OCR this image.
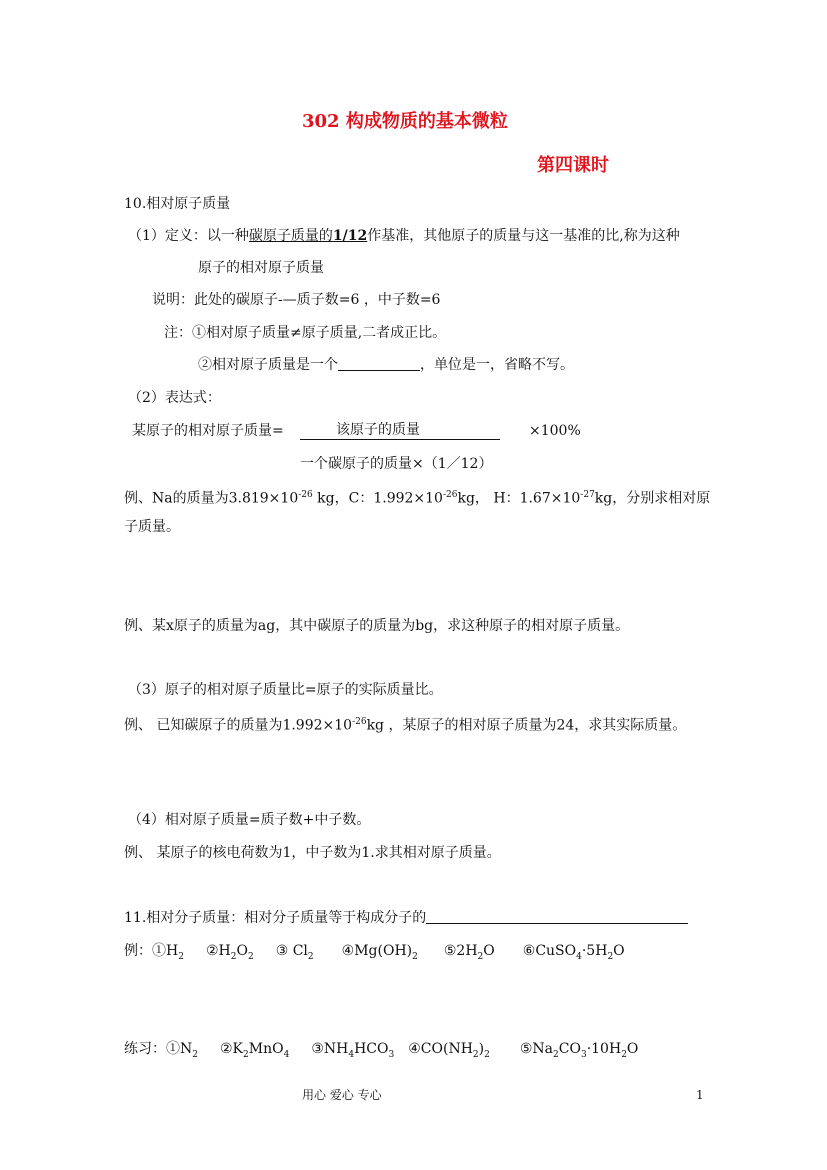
302 构成物质的基本微粒
第四课时
10.相对原子质量
（1）定义：以一种碳原子质量的1/12作基准，其他原子的质量与这一基准的比,称为这种
原子的相对原子质量
说明：此处的碳原子-—质子数=6 ，中子数=6
注：①相对原子质量≠原子质量,二者成正比。
②相对原子质量是一个	，单位是一，省略不写。
（2）表达式：
某原子的相对原子质量=	该原子的质量	×100%
一个碳原子的质量×（1／12）
例、Na的质量为$3.819\times 10^{-26}$ kg，C：$1.992\times 10^{-26}kg$， H：$1.67\times 10^{-27}kg$，分别求相对原
子质量。
例、某x原子的质量为ag，其中碳原子的质量为bg，求这种原子的相对原子质量。
（3）原子的相对原子质量比=原子的实际质量比。
例、 已知碳原子的质量为$1.992\times 10^{-26}kg$ ，某原子的相对原子质量为24，求其实际质量。
（4）相对原子质量=质子数+中子数。
例、 某原子的核电荷数为1，中子数为1.求其相对原子质量。
11.相对分子质量：相对分子质量等于构成分子的
例：$①H_2$ $②H_2O_2$ ③ $Cl_2$ $④Mg(OH)_2$ $⑤2H_2O$ $⑥CuSO_4\cdot 5H_2O$
练习：$①N_2$ $②K_2MnO_4$ $③NH_4HCO_3$ $④CO(NH_2)_2$ $⑤Na_2CO_3\cdot 10H_2O$
用心 爱心 专心	1
